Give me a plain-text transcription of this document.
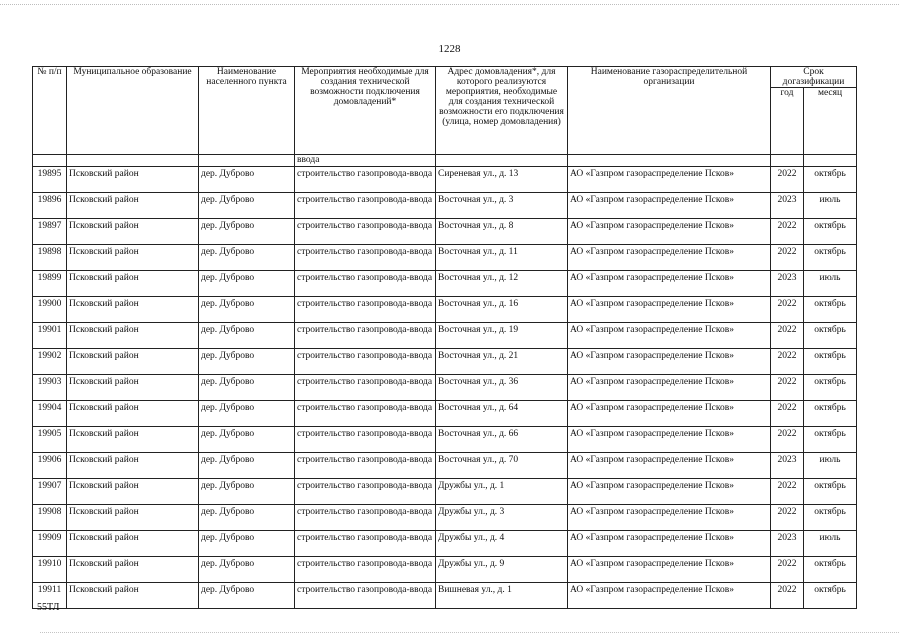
1228
№ п/п	Муниципальное образование	Наименование населенного пункта	Мероприятия необходимые для создания технической возможности подключения домовладений*	Адрес домовладения*, для которого реализуются мероприятия, необходимые для создания технической возможности его подключения (улица, номер домовладения)	Наименование газораспределительной организации	Срок догазификации	
						год	месяц
			ввода				
19895	Псковский район	дер. Дуброво	строительство газопровода-ввода	Сиреневая ул., д. 13	АО «Газпром газораспределение Псков»	2022	октябрь
19896	Псковский район	дер. Дуброво	строительство газопровода-ввода	Восточная ул., д. 3	АО «Газпром газораспределение Псков»	2023	июль
19897	Псковский район	дер. Дуброво	строительство газопровода-ввода	Восточная ул., д. 8	АО «Газпром газораспределение Псков»	2022	октябрь
19898	Псковский район	дер. Дуброво	строительство газопровода-ввода	Восточная ул., д. 11	АО «Газпром газораспределение Псков»	2022	октябрь
19899	Псковский район	дер. Дуброво	строительство газопровода-ввода	Восточная ул., д. 12	АО «Газпром газораспределение Псков»	2023	июль
19900	Псковский район	дер. Дуброво	строительство газопровода-ввода	Восточная ул., д. 16	АО «Газпром газораспределение Псков»	2022	октябрь
19901	Псковский район	дер. Дуброво	строительство газопровода-ввода	Восточная ул., д. 19	АО «Газпром газораспределение Псков»	2022	октябрь
19902	Псковский район	дер. Дуброво	строительство газопровода-ввода	Восточная ул., д. 21	АО «Газпром газораспределение Псков»	2022	октябрь
19903	Псковский район	дер. Дуброво	строительство газопровода-ввода	Восточная ул., д. 36	АО «Газпром газораспределение Псков»	2022	октябрь
19904	Псковский район	дер. Дуброво	строительство газопровода-ввода	Восточная ул., д. 64	АО «Газпром газораспределение Псков»	2022	октябрь
19905	Псковский район	дер. Дуброво	строительство газопровода-ввода	Восточная ул., д. 66	АО «Газпром газораспределение Псков»	2022	октябрь
19906	Псковский район	дер. Дуброво	строительство газопровода-ввода	Восточная ул., д. 70	АО «Газпром газораспределение Псков»	2023	июль
19907	Псковский район	дер. Дуброво	строительство газопровода-ввода	Дружбы ул., д. 1	АО «Газпром газораспределение Псков»	2022	октябрь
19908	Псковский район	дер. Дуброво	строительство газопровода-ввода	Дружбы ул., д. 3	АО «Газпром газораспределение Псков»	2022	октябрь
19909	Псковский район	дер. Дуброво	строительство газопровода-ввода	Дружбы ул., д. 4	АО «Газпром газораспределение Псков»	2023	июль
19910	Псковский район	дер. Дуброво	строительство газопровода-ввода	Дружбы ул., д. 9	АО «Газпром газораспределение Псков»	2022	октябрь
19911	Псковский район	дер. Дуброво	строительство газопровода-ввода	Вишневая ул., д. 1	АО «Газпром газораспределение Псков»	2022	октябрь
55ТЛ
